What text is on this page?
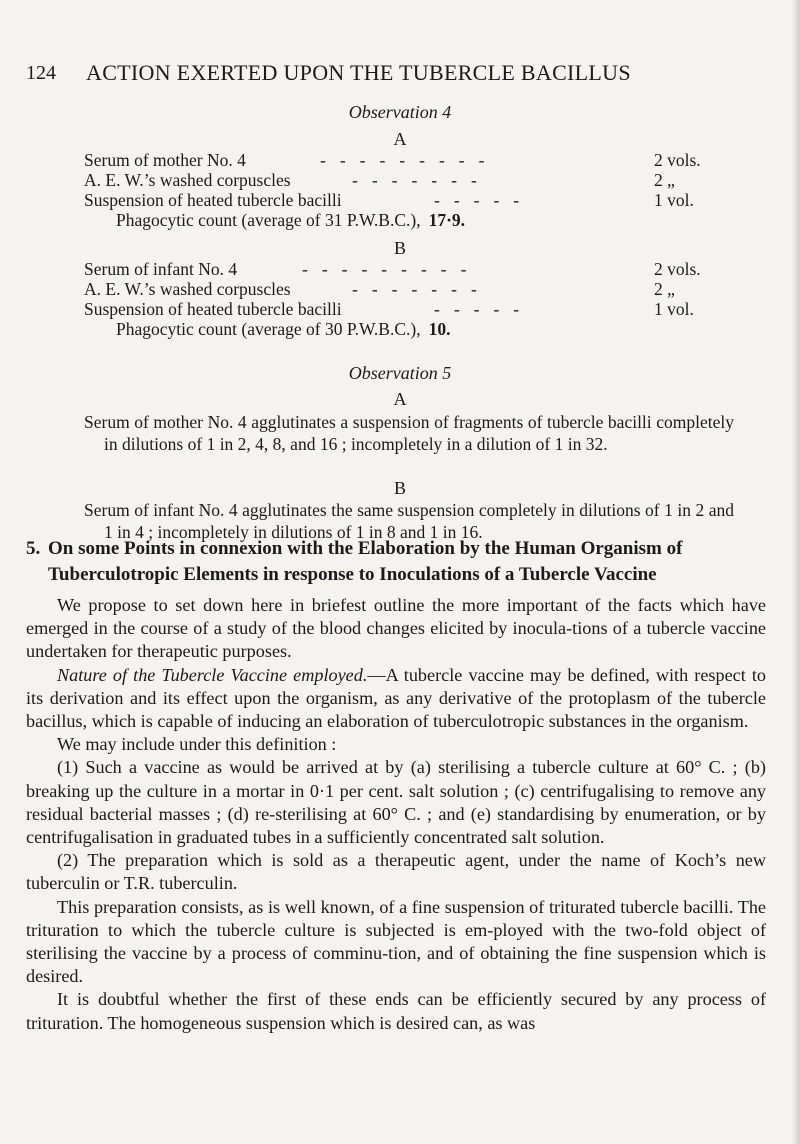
124 ACTION EXERTED UPON THE TUBERCLE BACILLUS
Observation 4
A
Serum of mother No. 4	---------	2 vols.
A. E. W.’s washed corpuscles	-------	2 „
Suspension of heated tubercle bacilli	-----	1 vol.
Phagocytic count (average of 31 P.W.B.C.), 17·9.
B
Serum of infant No. 4	---------	2 vols.
A. E. W.’s washed corpuscles	-------	2 „
Suspension of heated tubercle bacilli	-----	1 vol.
Phagocytic count (average of 30 P.W.B.C.), 10.
Observation 5
A
Serum of mother No. 4 agglutinates a suspension of fragments of tubercle bacilli completely in dilutions of 1 in 2, 4, 8, and 16 ; incompletely in a dilution of 1 in 32.
B
Serum of infant No. 4 agglutinates the same suspension completely in dilutions of 1 in 2 and 1 in 4 ; incompletely in dilutions of 1 in 8 and 1 in 16.
5. On some Points in connexion with the Elaboration by the Human Organism of Tuberculotropic Elements in response to Inoculations of a Tubercle Vaccine

We propose to set down here in briefest outline the more important of the facts which have emerged in the course of a study of the blood changes elicited by inocula-tions of a tubercle vaccine undertaken for therapeutic purposes.

Nature of the Tubercle Vaccine employed.—A tubercle vaccine may be defined, with respect to its derivation and its effect upon the organism, as any derivative of the protoplasm of the tubercle bacillus, which is capable of inducing an elaboration of tuberculotropic substances in the organism.

We may include under this definition :

(1) Such a vaccine as would be arrived at by (a) sterilising a tubercle culture at 60° C. ; (b) breaking up the culture in a mortar in 0·1 per cent. salt solution ; (c) centrifugalising to remove any residual bacterial masses ; (d) re-sterilising at 60° C. ; and (e) standardising by enumeration, or by centrifugalisation in graduated tubes in a sufficiently concentrated salt solution.

(2) The preparation which is sold as a therapeutic agent, under the name of Koch’s new tuberculin or T.R. tuberculin.

This preparation consists, as is well known, of a fine suspension of triturated tubercle bacilli. The trituration to which the tubercle culture is subjected is em-ployed with the two-fold object of sterilising the vaccine by a process of comminu-tion, and of obtaining the fine suspension which is desired.

It is doubtful whether the first of these ends can be efficiently secured by any process of trituration. The homogeneous suspension which is desired can, as was
